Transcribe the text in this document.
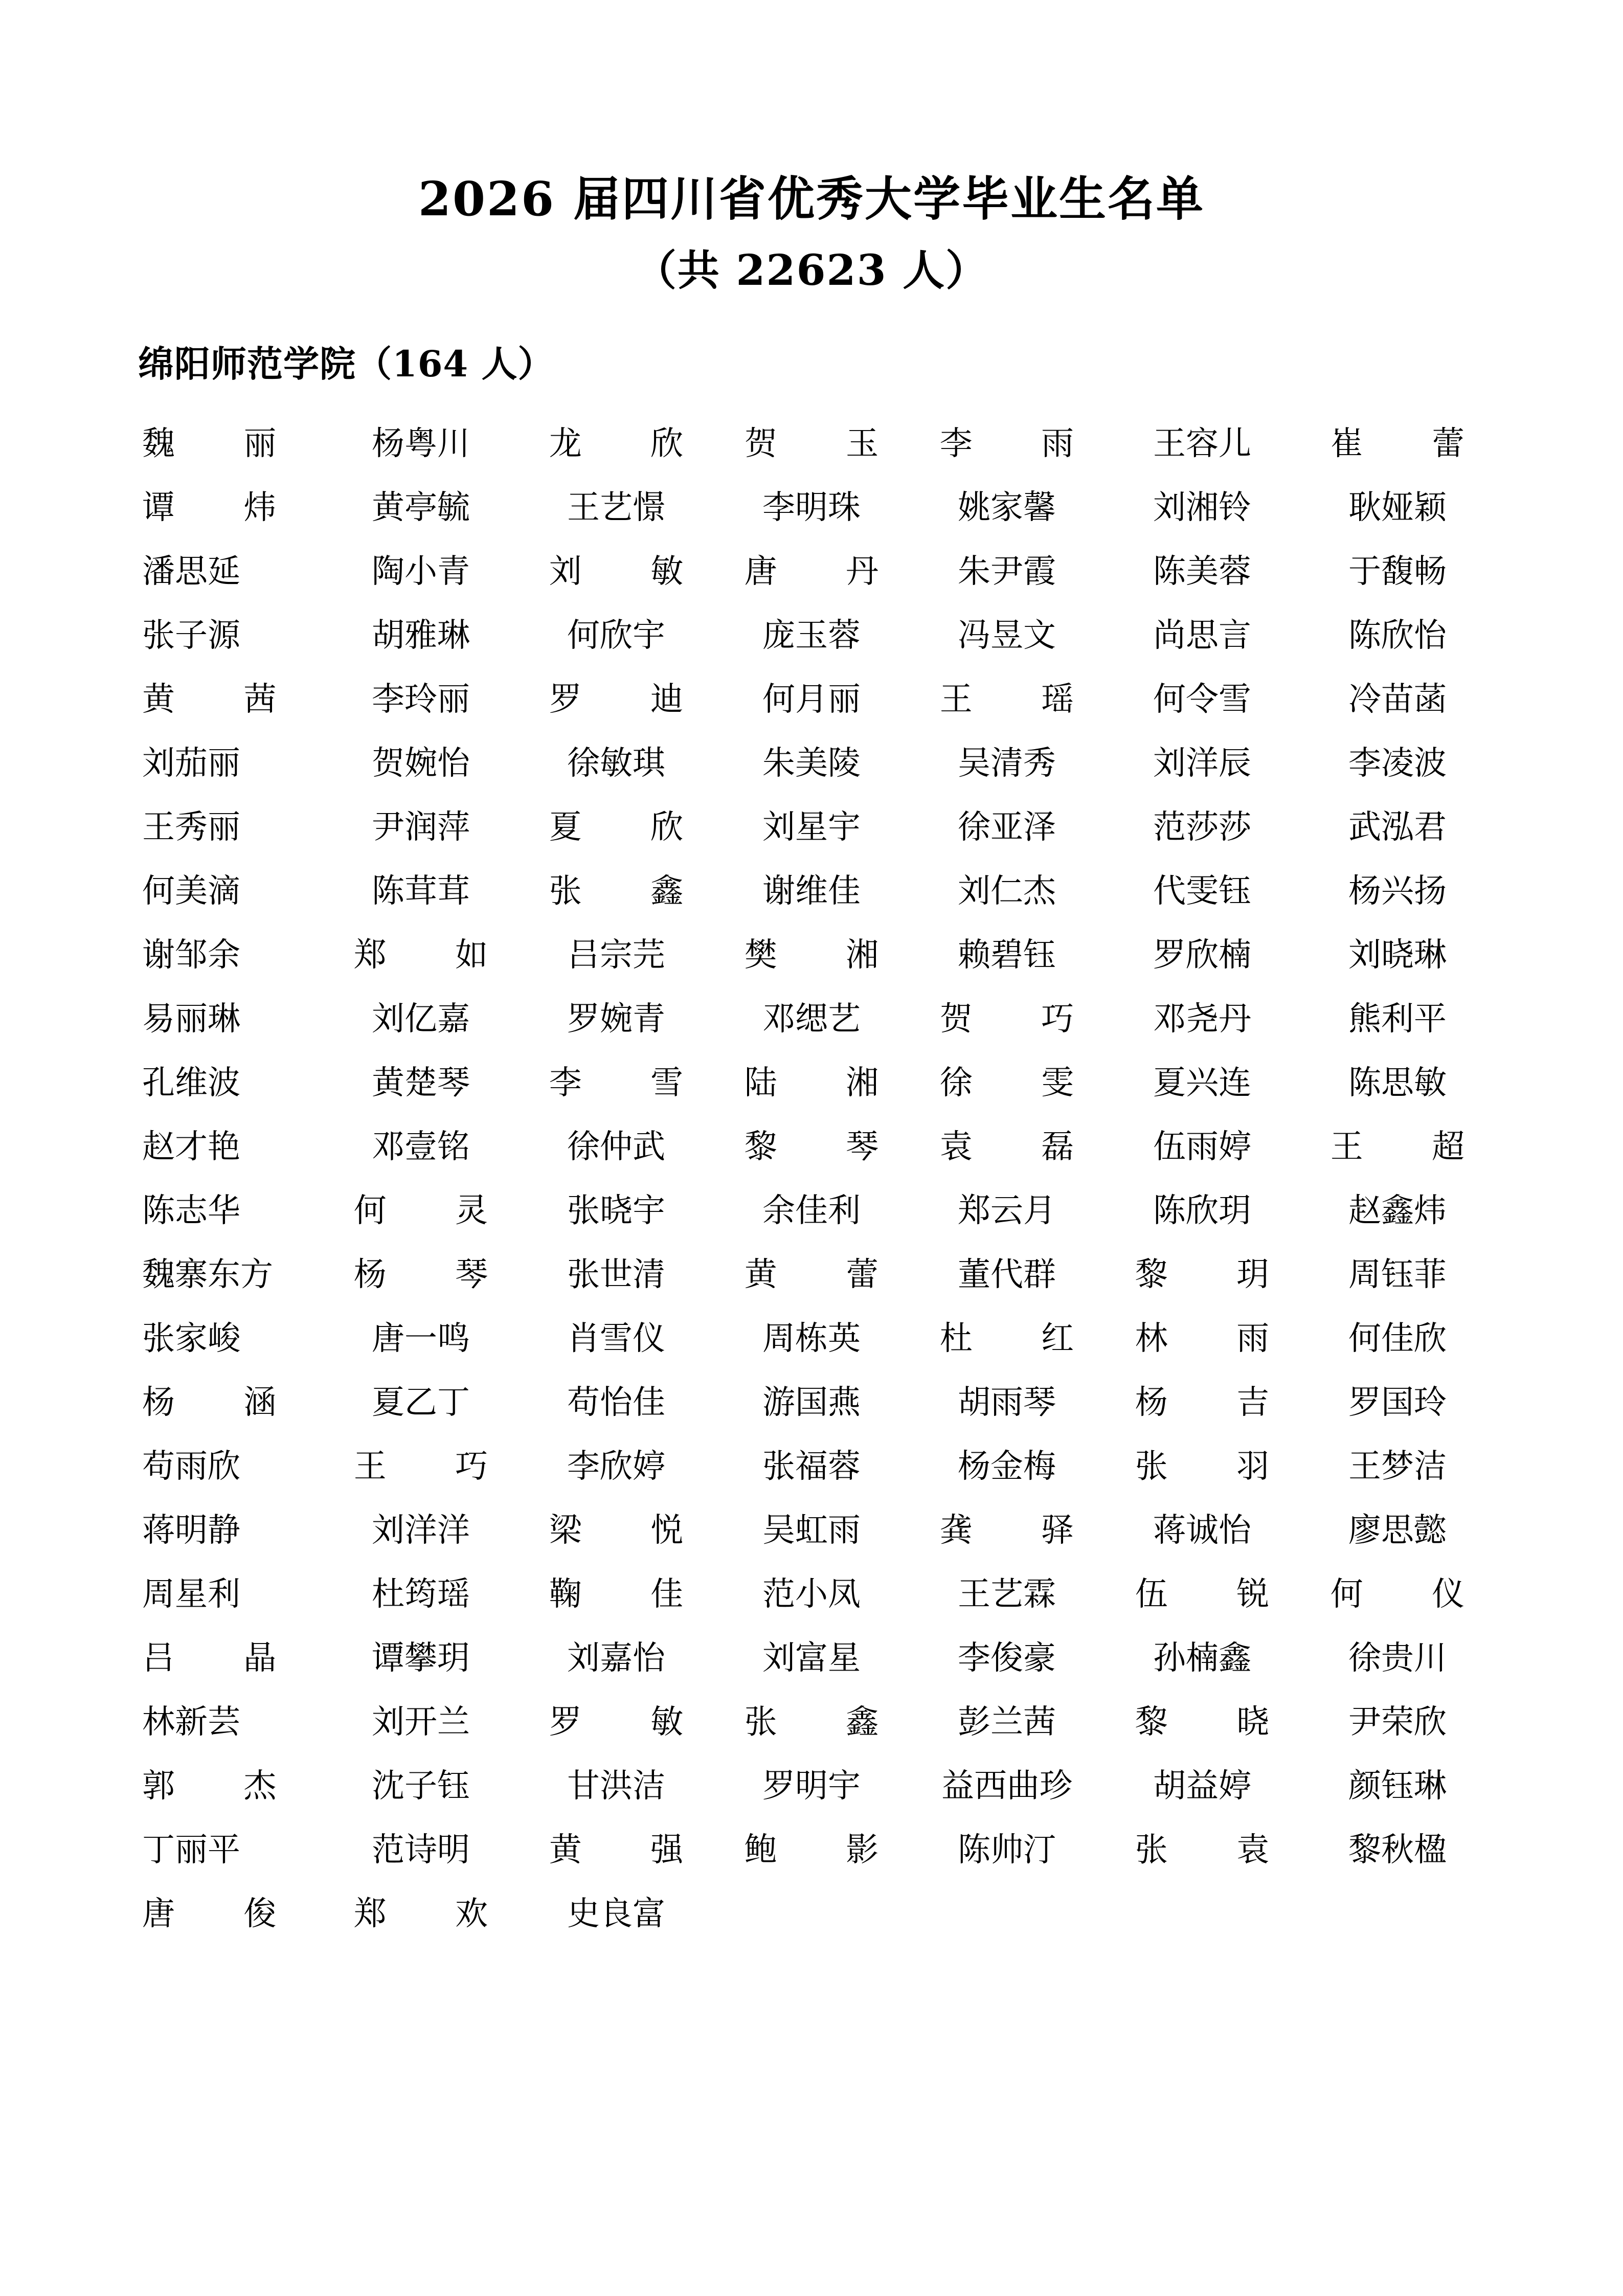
2026 届四川省优秀大学毕业生名单
（共 22623 人）
绵阳师范学院（164 人）
魏丽	杨粤川	龙欣	贺玉	李雨	王容儿	崔蕾
谭炜	黄亭毓	王艺憬	李明珠	姚家馨	刘湘铃	耿娅颖
潘思延	陶小青	刘敏	唐丹	朱尹霞	陈美蓉	于馥畅
张子源	胡雅琳	何欣宇	庞玉蓉	冯昱文	尚思言	陈欣怡
黄茜	李玲丽	罗迪	何月丽	王瑶	何令雪	冷苗菡
刘茄丽	贺婉怡	徐敏琪	朱美陵	吴清秀	刘洋辰	李凌波
王秀丽	尹润萍	夏欣	刘星宇	徐亚泽	范莎莎	武泓君
何美滴	陈茸茸	张鑫	谢维佳	刘仁杰	代雯钰	杨兴扬
谢邹余	郑如	吕宗芫	樊湘	赖碧钰	罗欣楠	刘晓琳
易丽琳	刘亿嘉	罗婉青	邓缌艺	贺巧	邓尧丹	熊利平
孔维波	黄楚琴	李雪	陆湘	徐雯	夏兴连	陈思敏
赵才艳	邓壹铭	徐仲武	黎琴	袁磊	伍雨婷	王超
陈志华	何灵	张晓宇	余佳利	郑云月	陈欣玥	赵鑫炜
魏寨东方	杨琴	张世清	黄蕾	董代群	黎玥	周钰菲
张家峻	唐一鸣	肖雪仪	周栋英	杜红	林雨	何佳欣
杨涵	夏乙丁	苟怡佳	游国燕	胡雨琴	杨吉	罗国玲
苟雨欣	王巧	李欣婷	张福蓉	杨金梅	张羽	王梦洁
蒋明静	刘洋洋	梁悦	吴虹雨	龚驿	蒋诚怡	廖思懿
周星利	杜筠瑶	鞠佳	范小凤	王艺霖	伍锐	何仪
吕晶	谭攀玥	刘嘉怡	刘富星	李俊豪	孙楠鑫	徐贵川
林新芸	刘开兰	罗敏	张鑫	彭兰茜	黎晓	尹荣欣
郭杰	沈子钰	甘洪洁	罗明宇	益西曲珍	胡益婷	颜钰琳
丁丽平	范诗明	黄强	鲍影	陈帅汀	张袁	黎秋楹
唐俊	郑欢	史良富				
